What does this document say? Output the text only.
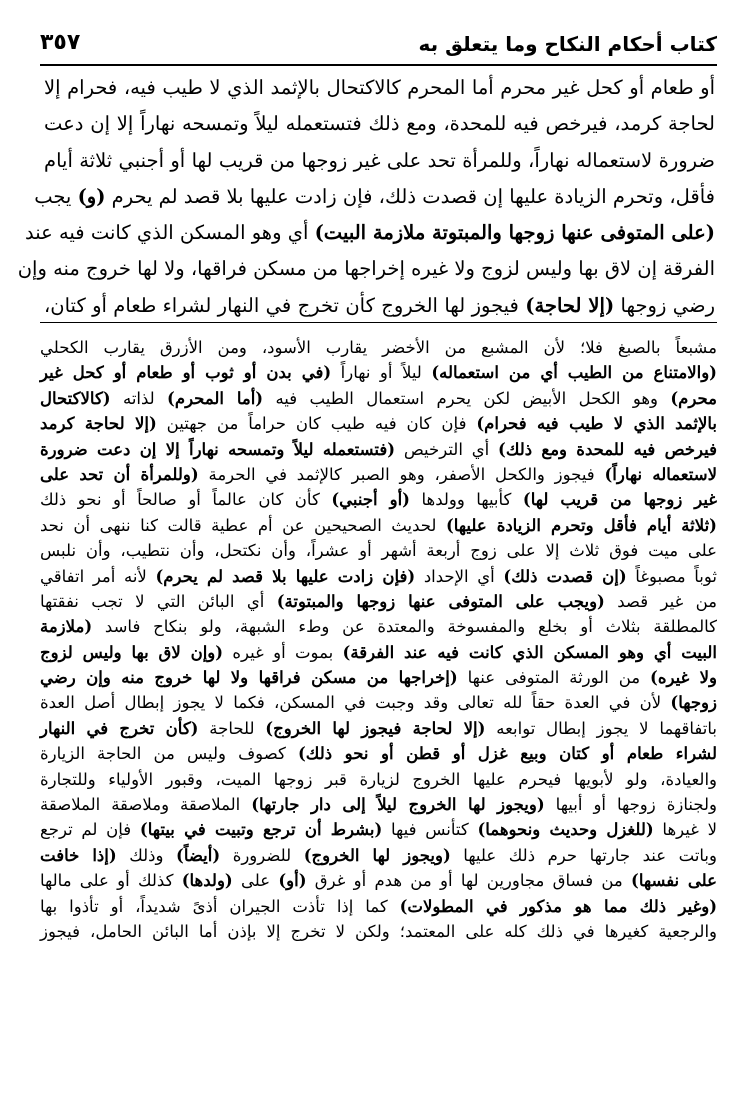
كتاب أحكام النكاح وما يتعلق به
٣٥٧
أو طعام أو كحل غير محرم أما المحرم كالاكتحال بالإثمد الذي لا طيب فيه، فحرام إلا
لحاجة كرمد، فيرخص فيه للمحدة، ومع ذلك فتستعمله ليلاً وتمسحه نهاراً إلا إن دعت
ضرورة لاستعماله نهاراً، وللمرأة تحد على غير زوجها من قريب لها أو أجنبي ثلاثة أيام
فأقل، وتحرم الزيادة عليها إن قصدت ذلك، فإن زادت عليها بلا قصد لم يحرم (و) يجب
(على المتوفى عنها زوجها والمبتوتة ملازمة البيت) أي وهو المسكن الذي كانت فيه عند
الفرقة إن لاق بها وليس لزوج ولا غيره إخراجها من مسكن فراقها، ولا لها خروج منه وإن
رضي زوجها (إلا لحاجة) فيجوز لها الخروج كأن تخرج في النهار لشراء طعام أو كتان،
مشبعاً بالصبغ فلا؛ لأن المشبع من الأخضر يقارب الأسود، ومن الأزرق يقارب الكحلي
(والامتناع من الطيب أي من استعماله) ليلاً أو نهاراً (في بدن أو ثوب أو طعام أو كحل غير
محرم) وهو الكحل الأبيض لكن يحرم استعمال الطيب فيه (أما المحرم) لذاته (كالاكتحال
بالإثمد الذي لا طيب فيه فحرام) فإن كان فيه طيب كان حراماً من جهتين (إلا لحاجة كرمد
فيرخص فيه للمحدة ومع ذلك) أي الترخيص (فتستعمله ليلاً وتمسحه نهاراً إلا إن دعت ضرورة
لاستعماله نهاراً) فيجوز والكحل الأصفر، وهو الصبر كالإثمد في الحرمة (وللمرأة أن تحد على
غير زوجها من قريب لها) كأبيها وولدها (أو أجنبي) كأن كان عالماً أو صالحاً أو نحو ذلك
(ثلاثة أيام فأقل وتحرم الزيادة عليها) لحديث الصحيحين عن أم عطية قالت كنا ننهى أن نحد
على ميت فوق ثلاث إلا على زوج أربعة أشهر أو عشراً، وأن نكتحل، وأن نتطيب، وأن نلبس
ثوباً مصبوغاً (إن قصدت ذلك) أي الإحداد (فإن زادت عليها بلا قصد لم يحرم) لأنه أمر اتفاقي
من غير قصد (ويجب على المتوفى عنها زوجها والمبتوتة) أي البائن التي لا تجب نفقتها
كالمطلقة بثلاث أو بخلع والمفسوخة والمعتدة عن وطء الشبهة، ولو بنكاح فاسد (ملازمة
البيت أي وهو المسكن الذي كانت فيه عند الفرقة) بموت أو غيره (وإن لاق بها وليس لزوج
ولا غيره) من الورثة المتوفى عنها (إخراجها من مسكن فراقها ولا لها خروج منه وإن رضي
زوجها) لأن في العدة حقاً لله تعالى وقد وجبت في المسكن، فكما لا يجوز إبطال أصل العدة
باتفاقهما لا يجوز إبطال توابعه (إلا لحاجة فيجوز لها الخروج) للحاجة (كأن تخرج في النهار
لشراء طعام أو كتان وبيع غزل أو قطن أو نحو ذلك) كصوف وليس من الحاجة الزيارة
والعيادة، ولو لأبويها فيحرم عليها الخروج لزيارة قبر زوجها الميت، وقبور الأولياء وللتجارة
ولجنازة زوجها أو أبيها (ويجوز لها الخروج ليلاً إلى دار جارتها) الملاصقة وملاصقة الملاصقة
لا غيرها (للغزل وحديث ونحوهما) كتأنس فيها (بشرط أن ترجع وتبيت في بيتها) فإن لم ترجع
وباتت عند جارتها حرم ذلك عليها (ويجوز لها الخروج) للضرورة (أيضاً) وذلك (إذا خافت
على نفسها) من فساق مجاورين لها أو من هدم أو غرق (أو) على (ولدها) كذلك أو على مالها
(وغير ذلك مما هو مذكور في المطولات) كما إذا تأذت الجيران أذىً شديداً، أو تأذوا بها
والرجعية كغيرها في ذلك كله على المعتمد؛ ولكن لا تخرج إلا بإذن أما البائن الحامل، فيجوز
